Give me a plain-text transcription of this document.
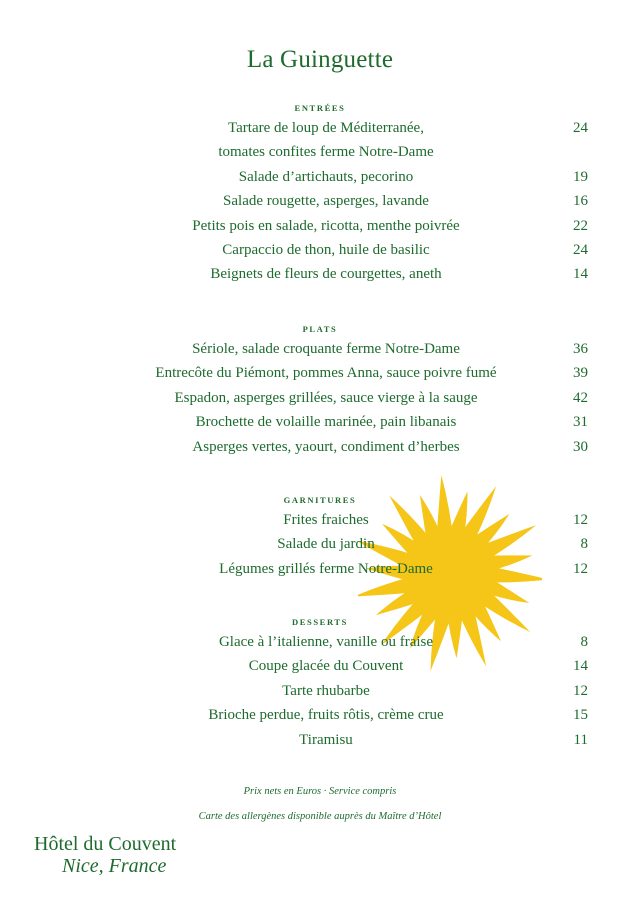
La Guinguette
ENTRÉES
Tartare de loup de Méditerranée,	24
tomates confites ferme Notre-Dame
Salade d’artichauts, pecorino	19
Salade rougette, asperges, lavande	16
Petits pois en salade, ricotta, menthe poivrée	22
Carpaccio de thon, huile de basilic	24
Beignets de fleurs de courgettes, aneth	14
PLATS
Sériole, salade croquante ferme Notre-Dame	36
Entrecôte du Piémont, pommes Anna, sauce poivre fumé	39
Espadon, asperges grillées, sauce vierge à la sauge	42
Brochette de volaille marinée, pain libanais	31
Asperges vertes, yaourt, condiment d’herbes	30
GARNITURES
Frites fraiches	12
Salade du jardin	8
Légumes grillés ferme Notre-Dame	12
DESSERTS
Glace à l’italienne, vanille ou fraise	8
Coupe glacée du Couvent	14
Tarte rhubarbe	12
Brioche perdue, fruits rôtis, crème crue	15
Tiramisu	11
Prix nets en Euros · Service compris
Carte des allergènes disponible auprès du Maître d’Hôtel
Hôtel du Couvent
Nice, France
